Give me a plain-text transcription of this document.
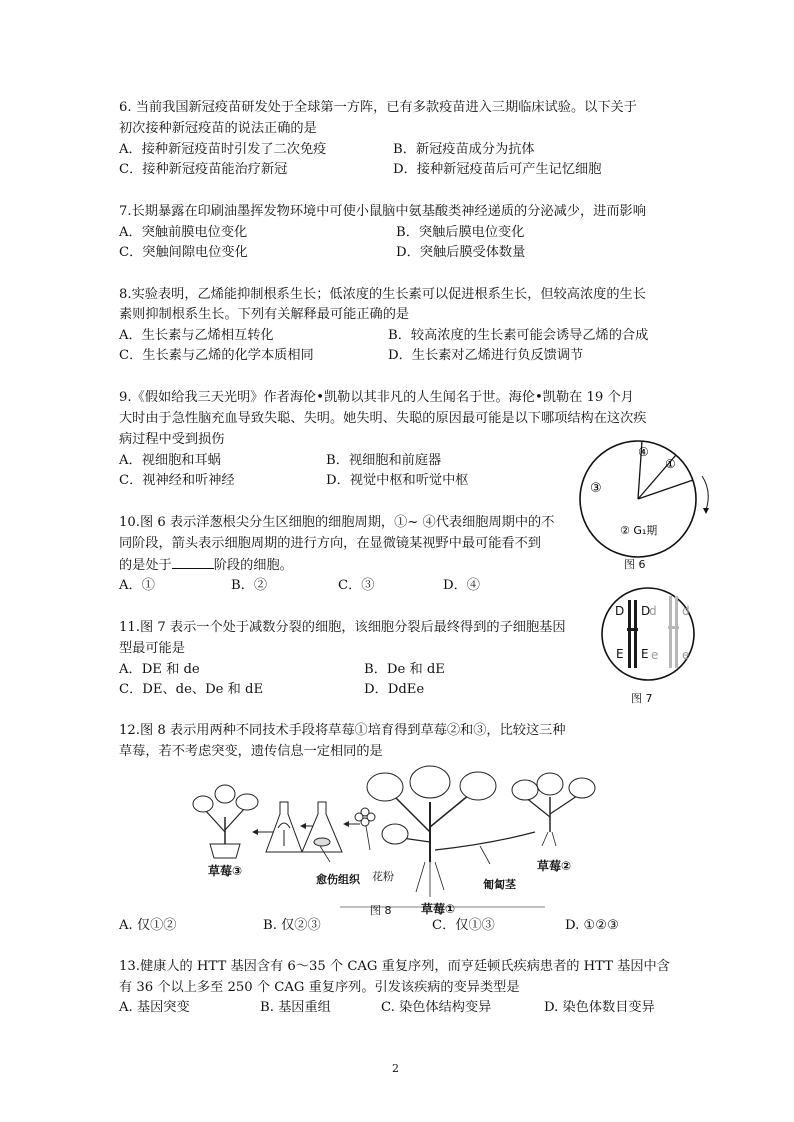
6. 当前我国新冠疫苗研发处于全球第一方阵，已有多款疫苗进入三期临床试验。以下关于
初次接种新冠疫苗的说法正确的是
A．接种新冠疫苗时引发了二次免疫	B．新冠疫苗成分为抗体
C．接种新冠疫苗能治疗新冠	D．接种新冠疫苗后可产生记忆细胞
7.长期暴露在印刷油墨挥发物环境中可使小鼠脑中氨基酸类神经递质的分泌减少，进而影响
A．突触前膜电位变化	B．突触后膜电位变化
C．突触间隙电位变化	D．突触后膜受体数量
8.实验表明，乙烯能抑制根系生长；低浓度的生长素可以促进根系生长，但较高浓度的生长
素则抑制根系生长。下列有关解释最可能正确的是
A．生长素与乙烯相互转化	B．较高浓度的生长素可能会诱导乙烯的合成
C．生长素与乙烯的化学本质相同	D．生长素对乙烯进行负反馈调节
9.《假如给我三天光明》作者海伦•凯勒以其非凡的人生闻名于世。海伦•凯勒在 19 个月
大时由于急性脑充血导致失聪、失明。她失明、失聪的原因最可能是以下哪项结构在这次疾
病过程中受到损伤
A．视细胞和耳蜗	B．视细胞和前庭器
C．视神经和听神经	D．视觉中枢和听觉中枢
10.图 6 表示洋葱根尖分生区细胞的细胞周期，①~ ④代表细胞周期中的不
同阶段，箭头表示细胞周期的进行方向，在显微镜某视野中最可能看不到
的是处于	阶段的细胞。
A．①	B．②	C．③	D．④
①
④
③
② G₁期
图 6
11.图 7 表示一个处于减数分裂的细胞，该细胞分裂后最终得到的子细胞基因
型最可能是
A．DE 和 de	B．De 和 dE
C．DE、de、De 和 dE	D．DdEe
D D
d d
E E e e
图 7
12.图 8 表示用两种不同技术手段将草莓①培育得到草莓②和③，比较这三种
草莓，若不考虑突变，遗传信息一定相同的是
草莓③
愈伤组织 花粉
匍匐茎
草莓②
草莓①
图 8
A. 仅①②	B. 仅②③	C．仅①③	D. ①②③
13.健康人的 HTT 基因含有 6～35 个 CAG 重复序列，而亨廷顿氏疾病患者的 HTT 基因中含
有 36 个以上多至 250 个 CAG 重复序列。引发该疾病的变异类型是
A. 基因突变	B. 基因重组	C. 染色体结构变异	D. 染色体数目变异
2
